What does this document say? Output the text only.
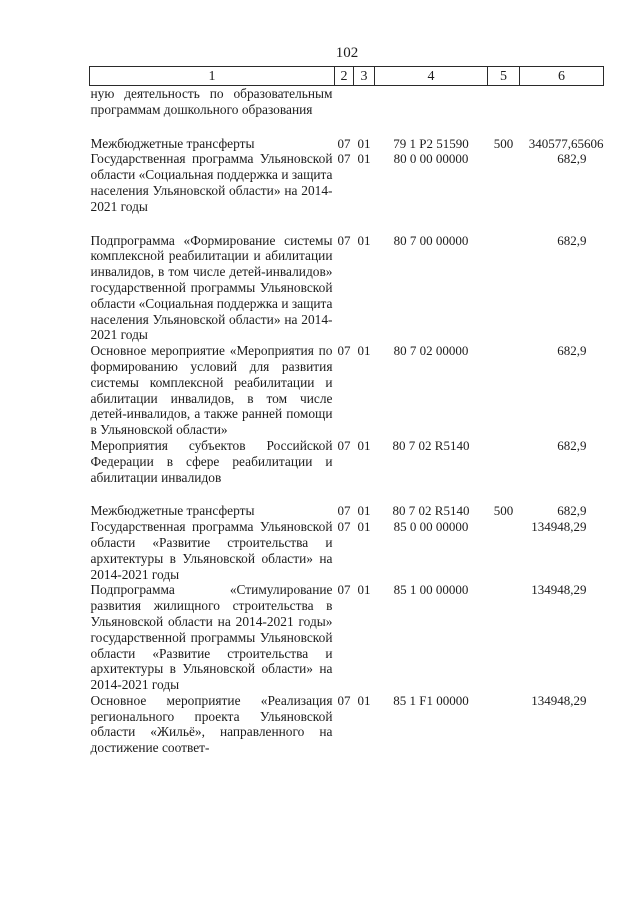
102
1	2	3	4	5	6
ную деятельность по образовательным программам дошкольного образования					
Межбюджетные трансферты	07	01	79 1 P2 51590	500	340577,65606
Государственная программа Ульяновской области «Социальная поддержка и защита населения Ульяновской области» на 2014-2021 годы	07	01	80 0 00 00000		682,9
Подпрограмма «Формирование системы комплексной реабилитации и абилитации инвалидов, в том числе детей-инвалидов» государственной программы Ульяновской области «Социальная поддержка и защита населения Ульяновской области» на 2014-2021 годы	07	01	80 7 00 00000		682,9
Основное мероприятие «Мероприятия по формированию условий для развития системы комплексной реабилитации и абилитации инвалидов, в том числе детей-инвалидов, а также ранней помощи в Ульяновской области»	07	01	80 7 02 00000		682,9
Мероприятия субъектов Российской Федерации в сфере реабилитации и абилитации инвалидов	07	01	80 7 02 R5140		682,9
Межбюджетные трансферты	07	01	80 7 02 R5140	500	682,9
Государственная программа Ульяновской области «Развитие строительства и архитектуры в Ульяновской области» на 2014-2021 годы	07	01	85 0 00 00000		134948,29
Подпрограмма «Стимулирование развития жилищного строительства в Ульяновской области на 2014-2021 годы» государственной программы Ульяновской области «Развитие строительства и архитектуры в Ульяновской области» на 2014-2021 годы	07	01	85 1 00 00000		134948,29
Основное мероприятие «Реализация регионального проекта Ульяновской области «Жильё», направленного на достижение соответ-	07	01	85 1 F1 00000		134948,29
